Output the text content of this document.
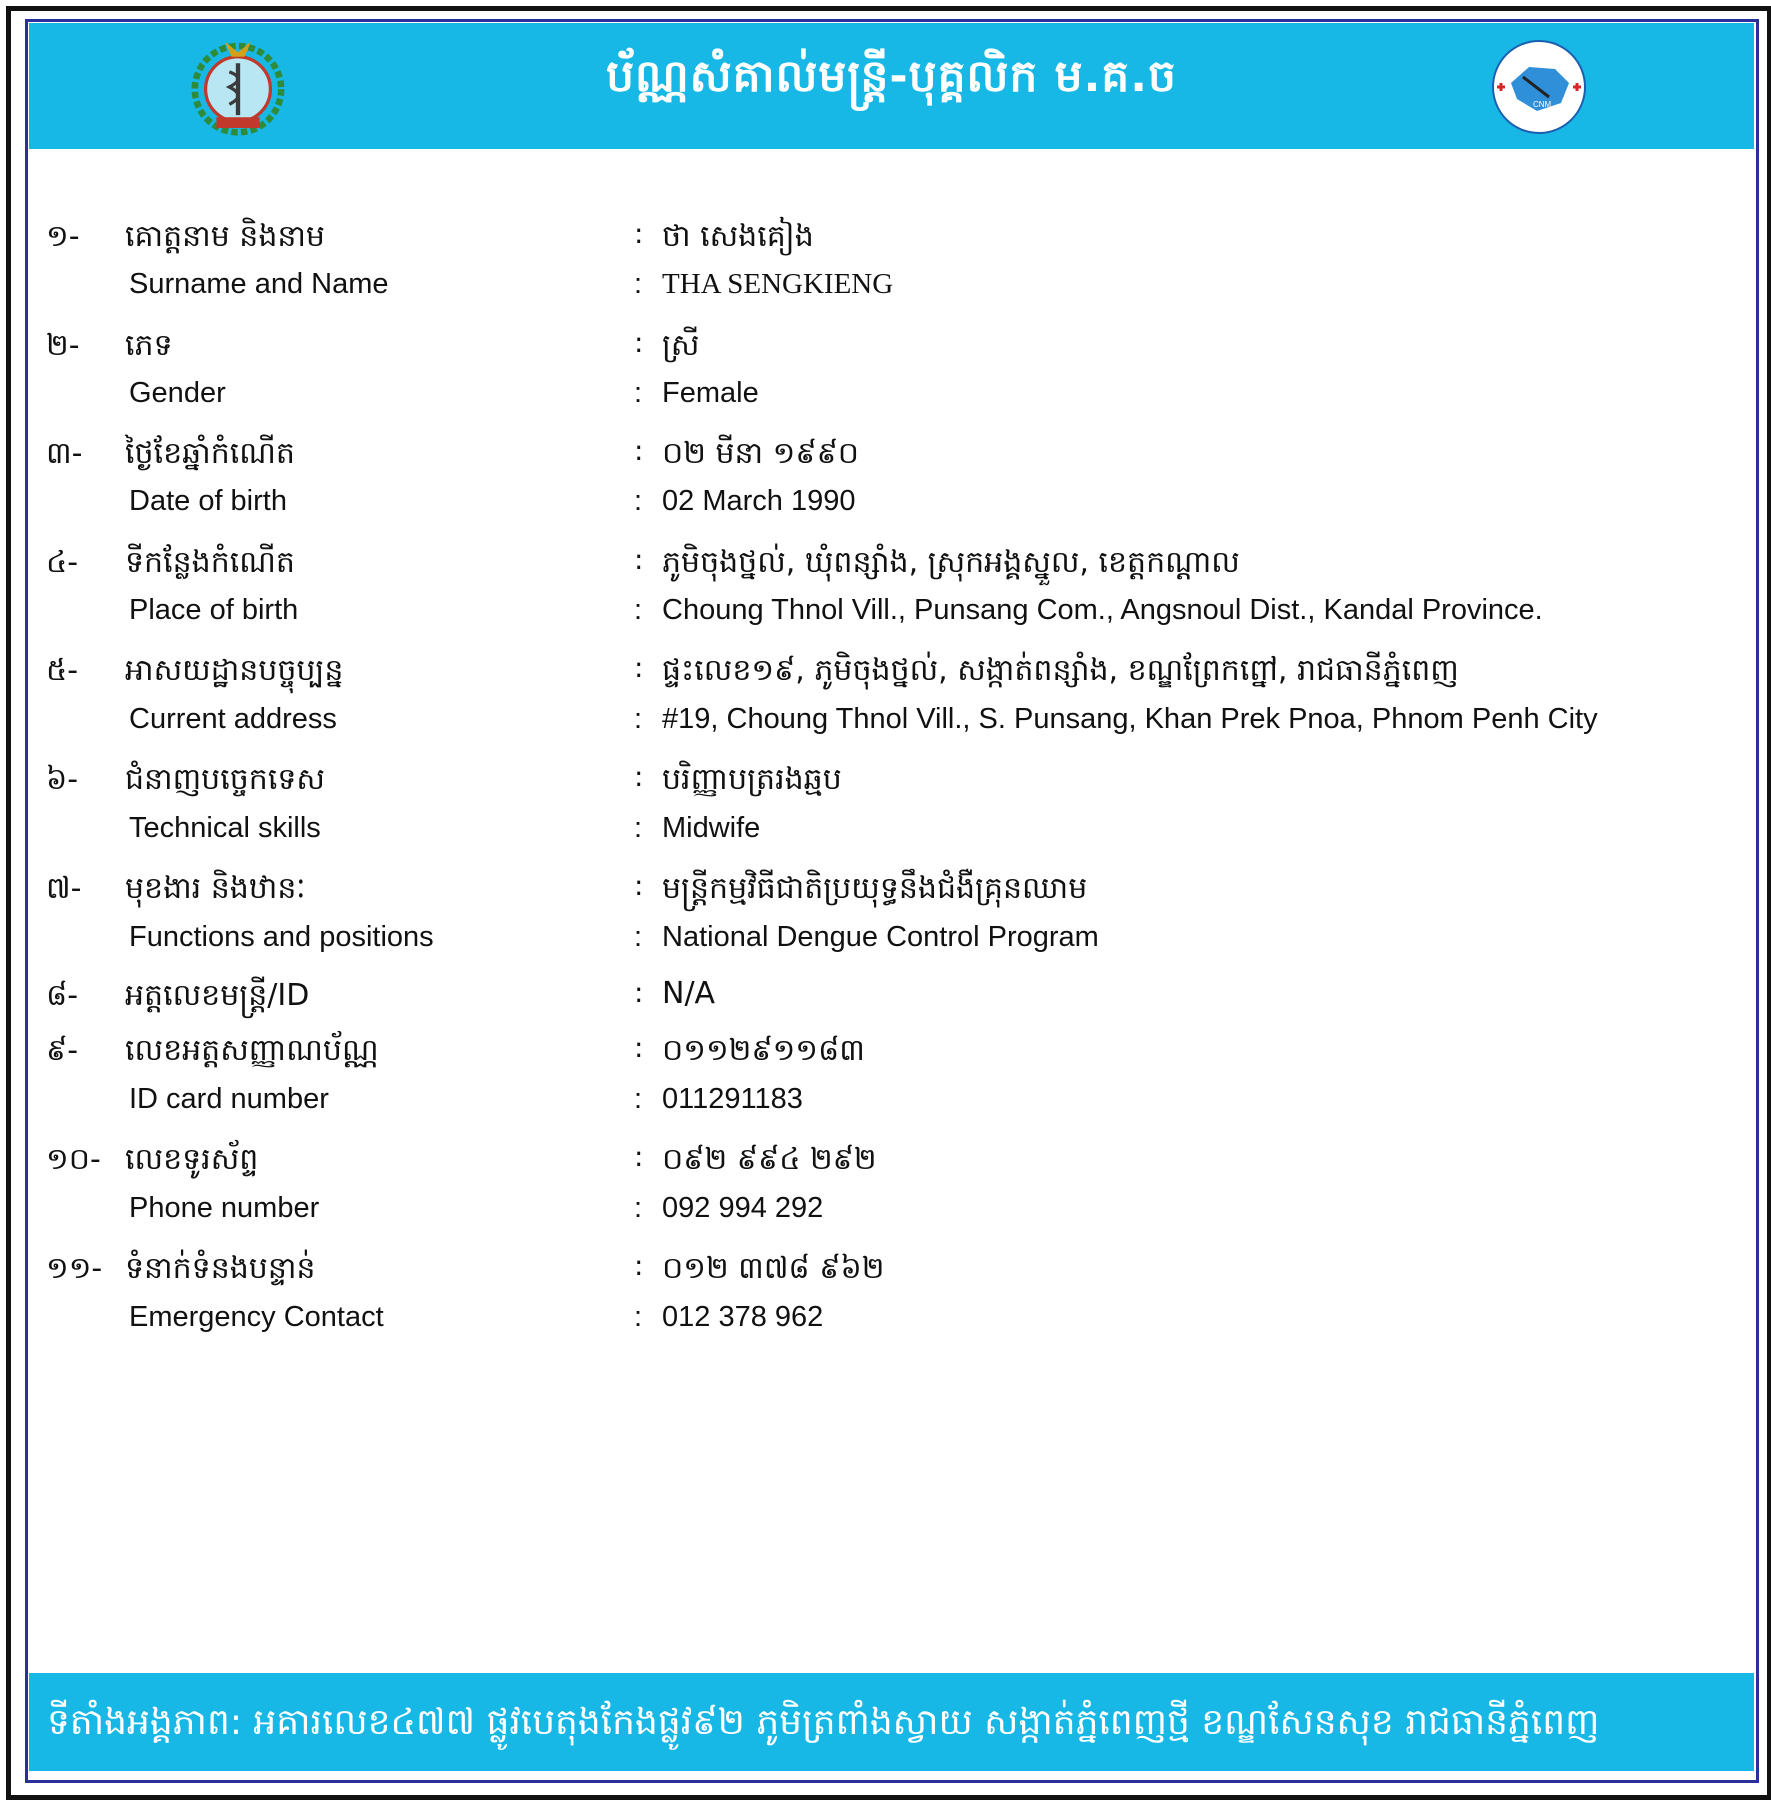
ប័ណ្ណសំគាល់មន្ត្រី-បុគ្គលិក ម.គ.ច
CNM
១- គោត្តនាម និងនាម	: ថា សេងគៀង
Surname and Name	: THA SENGKIENG
២- ភេទ	: ស្រី
Gender	: Female
៣- ថ្ងៃខែឆ្នាំកំណើត	: ០២ មីនា ១៩៩០
Date of birth	: 02 March 1990
៤- ទីកន្លែងកំណើត	: ភូមិចុងថ្នល់, ឃុំពន្សាំង, ស្រុកអង្គស្នួល, ខេត្តកណ្តាល
Place of birth	: Choung Thnol Vill., Punsang Com., Angsnoul Dist., Kandal Province.
៥- អាសយដ្ឋានបច្ចុប្បន្ន	: ផ្ទះលេខ១៩, ភូមិចុងថ្នល់, សង្កាត់ពន្សាំង, ខណ្ឌព្រែកព្នៅ, រាជធានីភ្នំពេញ
Current address	: #19, Choung Thnol Vill., S. Punsang, Khan Prek Pnoa, Phnom Penh City
៦- ជំនាញបច្ចេកទេស	: បរិញ្ញាបត្ររងឆ្មប
Technical skills	: Midwife
៧- មុខងារ និងឋានៈ	: មន្ត្រីកម្មវិធីជាតិប្រយុទ្ធនឹងជំងឺគ្រុនឈាម
Functions and positions	: National Dengue Control Program
៨- អត្តលេខមន្ត្រី/ID	: N/A
៩- លេខអត្តសញ្ញាណប័ណ្ណ	: ០១១២៩១១៨៣
ID card number	: 011291183
១០- លេខទូរស័ព្ទ	: ០៩២ ៩៩៤ ២៩២
Phone number	: 092 994 292
១១- ទំនាក់ទំនងបន្ទាន់	: ០១២ ៣៧៨ ៩៦២
Emergency Contact	: 012 378 962
ទីតាំងអង្គភាព: អគារលេខ៤៧៧ ផ្លូវបេតុងកែងផ្លូវ៩២ ភូមិត្រពាំងស្វាយ សង្កាត់ភ្នំពេញថ្មី ខណ្ឌសែនសុខ រាជធានីភ្នំពេញ
